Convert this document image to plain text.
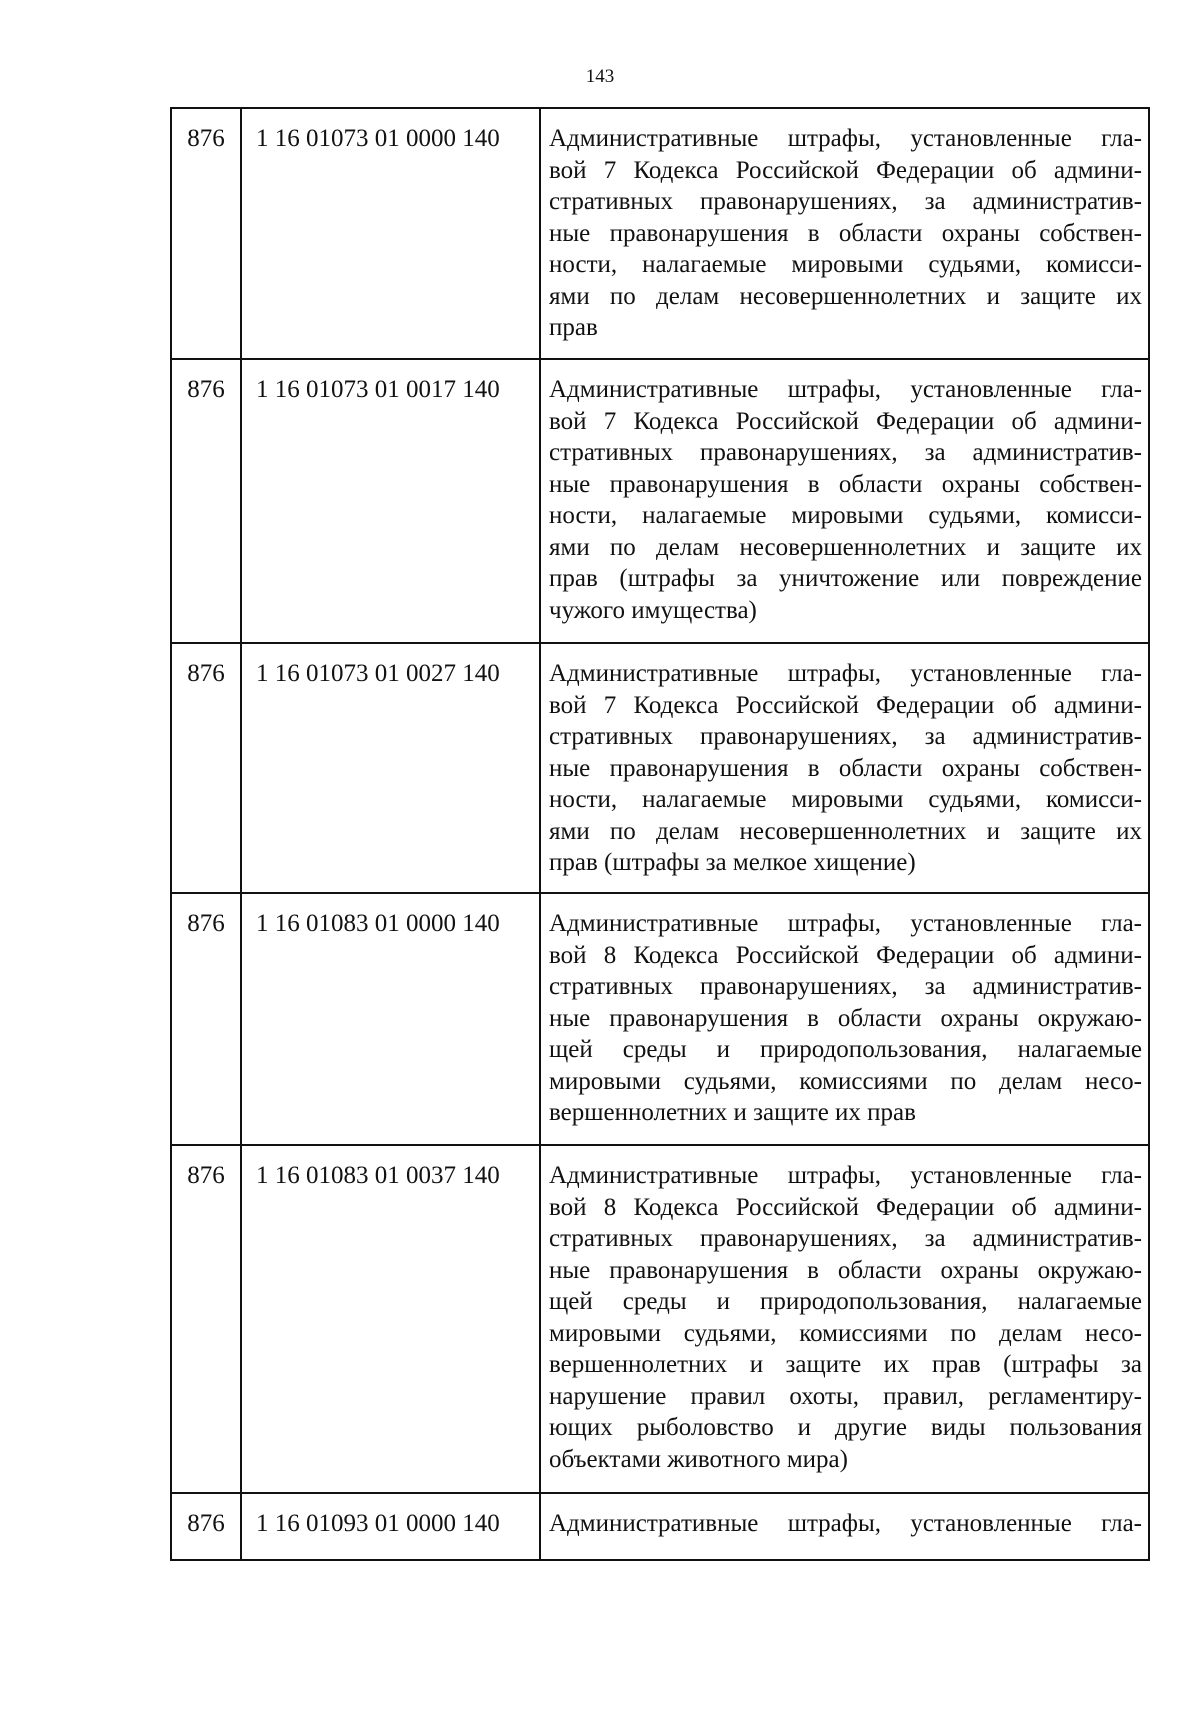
143
876	1 16 01073 01 0000 140	Административные штрафы, установленные гла-
вой 7 Кодекса Российской Федерации об админи-
стративных правонарушениях, за административ-
ные правонарушения в области охраны собствен-
ности, налагаемые мировыми судьями, комисси-
ями по делам несовершеннолетних и защите их
прав
876	1 16 01073 01 0017 140	Административные штрафы, установленные гла-
вой 7 Кодекса Российской Федерации об админи-
стративных правонарушениях, за административ-
ные правонарушения в области охраны собствен-
ности, налагаемые мировыми судьями, комисси-
ями по делам несовершеннолетних и защите их
прав (штрафы за уничтожение или повреждение
чужого имущества)
876	1 16 01073 01 0027 140	Административные штрафы, установленные гла-
вой 7 Кодекса Российской Федерации об админи-
стративных правонарушениях, за административ-
ные правонарушения в области охраны собствен-
ности, налагаемые мировыми судьями, комисси-
ями по делам несовершеннолетних и защите их
прав (штрафы за мелкое хищение)
876	1 16 01083 01 0000 140	Административные штрафы, установленные гла-
вой 8 Кодекса Российской Федерации об админи-
стративных правонарушениях, за административ-
ные правонарушения в области охраны окружаю-
щей среды и природопользования, налагаемые
мировыми судьями, комиссиями по делам несо-
вершеннолетних и защите их прав
876	1 16 01083 01 0037 140	Административные штрафы, установленные гла-
вой 8 Кодекса Российской Федерации об админи-
стративных правонарушениях, за административ-
ные правонарушения в области охраны окружаю-
щей среды и природопользования, налагаемые
мировыми судьями, комиссиями по делам несо-
вершеннолетних и защите их прав (штрафы за
нарушение правил охоты, правил, регламентиру-
ющих рыболовство и другие виды пользования
объектами животного мира)
876	1 16 01093 01 0000 140	Административные штрафы, установленные гла-
